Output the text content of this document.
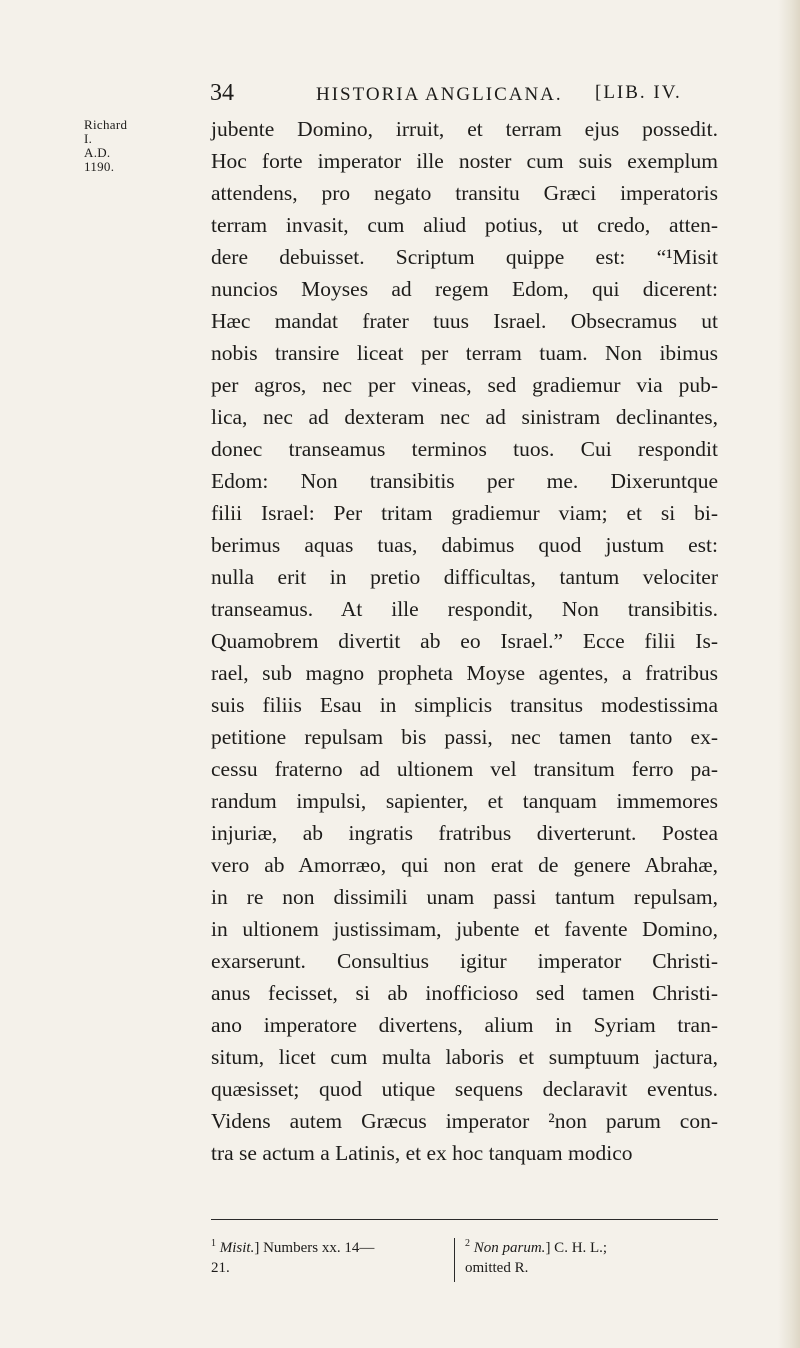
34	HISTORIA ANGLICANA. [LIB. IV.
Richard I.
A.D. 1190.
jubente Domino, irruit, et terram ejus possedit.
Hoc forte imperator ille noster cum suis exemplum
attendens, pro negato transitu Græci imperatoris
terram invasit, cum aliud potius, ut credo, atten-
dere debuisset. Scriptum quippe est: “¹Misit
nuncios Moyses ad regem Edom, qui dicerent:
Hæc mandat frater tuus Israel. Obsecramus ut
nobis transire liceat per terram tuam. Non ibimus
per agros, nec per vineas, sed gradiemur via pub-
lica, nec ad dexteram nec ad sinistram declinantes,
donec transeamus terminos tuos. Cui respondit
Edom: Non transibitis per me. Dixeruntque
filii Israel: Per tritam gradiemur viam; et si bi-
berimus aquas tuas, dabimus quod justum est:
nulla erit in pretio difficultas, tantum velociter
transeamus. At ille respondit, Non transibitis.
Quamobrem divertit ab eo Israel.” Ecce filii Is-
rael, sub magno propheta Moyse agentes, a fratribus
suis filiis Esau in simplicis transitus modestissima
petitione repulsam bis passi, nec tamen tanto ex-
cessu fraterno ad ultionem vel transitum ferro pa-
randum impulsi, sapienter, et tanquam immemores
injuriæ, ab ingratis fratribus diverterunt. Postea
vero ab Amorræo, qui non erat de genere Abrahæ,
in re non dissimili unam passi tantum repulsam,
in ultionem justissimam, jubente et favente Domino,
exarserunt. Consultius igitur imperator Christi-
anus fecisset, si ab inofficioso sed tamen Christi-
ano imperatore divertens, alium in Syriam tran-
situm, licet cum multa laboris et sumptuum jactura,
quæsisset; quod utique sequens declaravit eventus.
Videns autem Græcus imperator ²non parum con-
tra se actum a Latinis, et ex hoc tanquam modico
$^1$ Misit.] Numbers xx. 14—
21.
$^2$ Non parum.] C. H. L.;
omitted R.
